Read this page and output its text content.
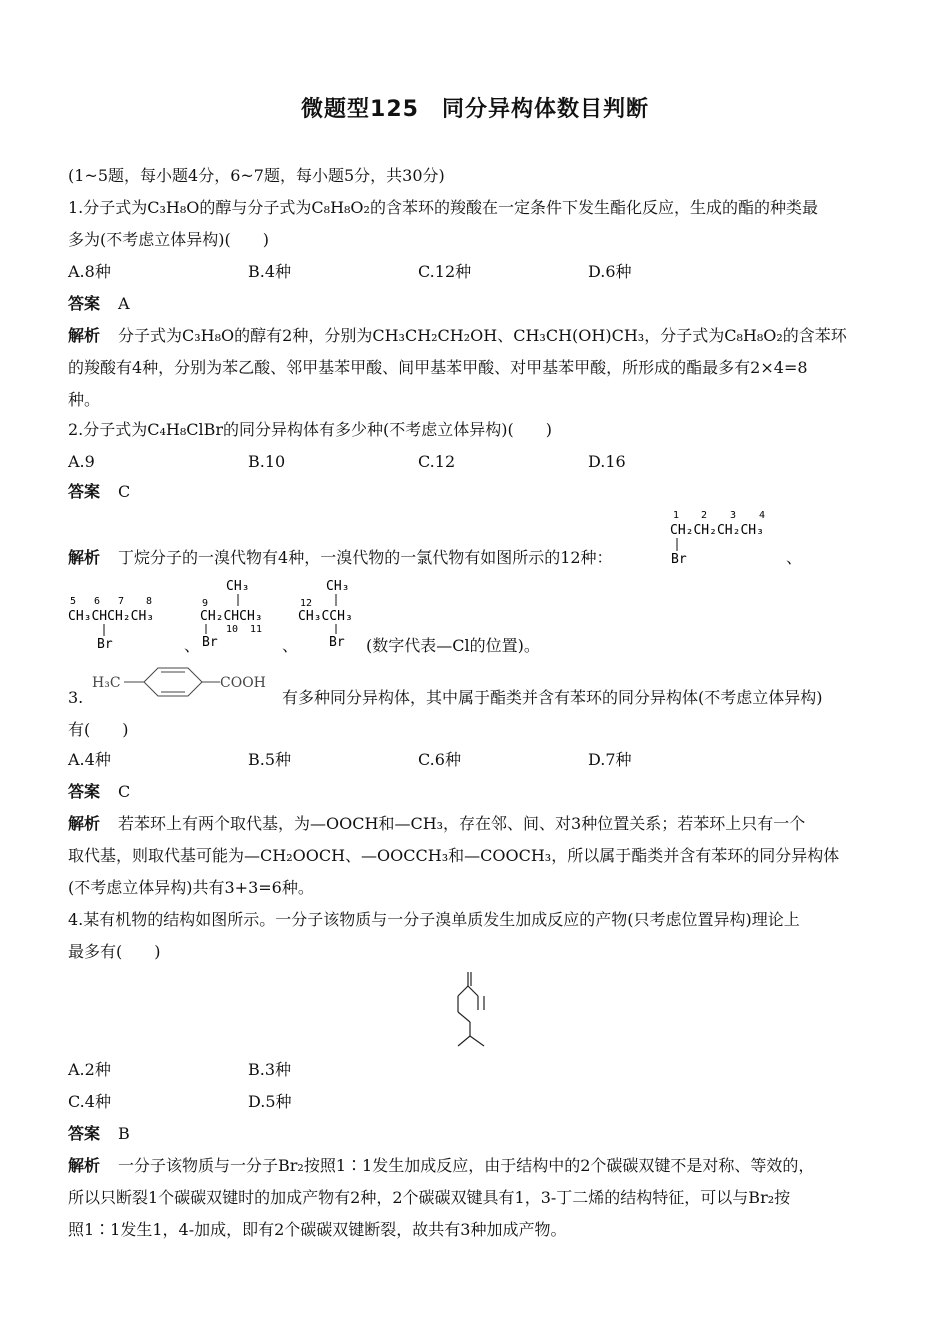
微题型125　同分异构体数目判断
(1~5题，每小题4分，6~7题，每小题5分，共30分)
1.分子式为C₃H₈O的醇与分子式为C₈H₈O₂的含苯环的羧酸在一定条件下发生酯化反应，生成的酯的种类最
多为(不考虑立体异构)(　　)
A.8种	B.4种	C.12种	D.6种
答案 A
解析 分子式为C₃H₈O的醇有2种，分别为CH₃CH₂CH₂OH、CH₃CH(OH)CH₃，分子式为C₈H₈O₂的含苯环
的羧酸有4种，分别为苯乙酸、邻甲基苯甲酸、间甲基苯甲酸、对甲基苯甲酸，所形成的酯最多有2×4=8
种。
2.分子式为C₄H₈ClBr的同分异构体有多少种(不考虑立体异构)(　　)
A.9	B.10	C.12	D.16
答案 C
1 2 3 4
CH₂CH₂CH₂CH₃
Br
解析 丁烷分子的一溴代物有4种，一溴代物的一氯代物有如图所示的12种：	、
5 6 7 8
CH₃CHCH₂CH₃
Br	、
CH₃
9
CH₂CHCH₃
10 11
Br	、
CH₃
12
CH₃CCH₃
Br (数字代表—Cl的位置)。
3.
H₃C	COOH
有多种同分异构体，其中属于酯类并含有苯环的同分异构体(不考虑立体异构)
有(　　)
A.4种	B.5种	C.6种	D.7种
答案 C
解析 若苯环上有两个取代基，为—OOCH和—CH₃，存在邻、间、对3种位置关系；若苯环上只有一个
取代基，则取代基可能为—CH₂OOCH、—OOCCH₃和—COOCH₃，所以属于酯类并含有苯环的同分异构体
(不考虑立体异构)共有3+3=6种。
4.某有机物的结构如图所示。一分子该物质与一分子溴单质发生加成反应的产物(只考虑位置异构)理论上
最多有(　　)
A.2种	B.3种
C.4种	D.5种
答案 B
解析 一分子该物质与一分子Br₂按照1∶1发生加成反应，由于结构中的2个碳碳双键不是对称、等效的，
所以只断裂1个碳碳双键时的加成产物有2种，2个碳碳双键具有1，3-丁二烯的结构特征，可以与Br₂按
照1∶1发生1，4-加成，即有2个碳碳双键断裂，故共有3种加成产物。
